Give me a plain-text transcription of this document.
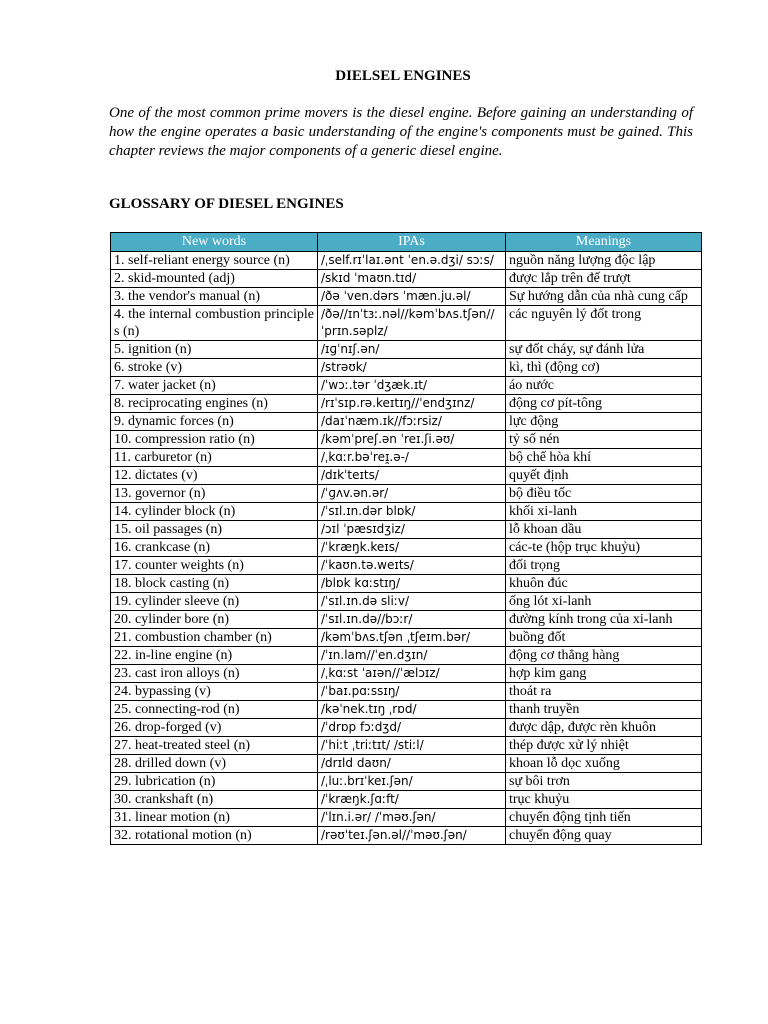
DIELSEL ENGINES

One of the most common prime movers is the diesel engine. Before gaining an understanding of how the engine operates a basic understanding of the engine's components must be gained. This chapter reviews the major components of a generic diesel engine.

GLOSSARY OF DIESEL ENGINES
New words	IPAs	Meanings
1. self-reliant energy source (n)	/ˌself.rɪˈlaɪ.ənt ˈen.ə.dʒi/ sɔːs/	nguồn năng lượng độc lập
2. skid-mounted (adj)	/skɪd ˈmaʊn.tɪd/	được lắp trên đế trượt
3. the vendor's manual (n)	/ðə ˈven.dərs ˈmæn.ju.əl/	Sự hướng dẫn của nhà cung cấp
4. the internal combustion principles (n)	/ðə//ɪnˈtɜː.nəl//kəmˈbʌs.tʃən//ˈprɪn.səplz/	các nguyên lý đốt trong
5. ignition (n)	/ɪɡˈnɪʃ.ən/	sự đốt cháy, sự đánh lửa
6. stroke (v)	/strəʊk/	kì, thì (động cơ)
7. water jacket (n)	/ˈwɔː.tər ˈdʒæk.ɪt/	áo nước
8. reciprocating engines (n)	/rɪˈsɪp.rə.keɪtɪŋ//ˈendʒɪnz/	động cơ pít-tông
9. dynamic forces (n)	/daɪˈnæm.ɪk//fɔːrsiz/	lực động
10. compression ratio (n)	/kəmˈpreʃ.ən ˈreɪ.ʃi.əʊ/	tỷ số nén
11. carburetor (n)	/ˌkɑːr.bəˈreɪ̯.ə-/	bộ chế hòa khí
12. dictates (v)	/dɪkˈteɪts/	quyết định
13. governor (n)	/ˈɡʌv.ən.ər/	bộ điều tốc
14. cylinder block (n)	/ˈsɪl.ɪn.dər blɒk/	khối xi-lanh
15. oil passages (n)	/ɔɪl ˈpæsɪdʒiz/	lỗ khoan dầu
16. crankcase (n)	/ˈkræŋk.keɪs/	các-te (hộp trục khuỷu)
17. counter weights (n)	/ˈkaʊn.tə.weɪts/	đối trọng
18. block casting (n)	/blɒk kɑːstɪŋ/	khuôn đúc
19. cylinder sleeve (n)	/ˈsɪl.ɪn.də sliːv/	ống lót xi-lanh
20. cylinder bore (n)	/ˈsɪl.ɪn.də//bɔːr/	đường kính trong của xi-lanh
21. combustion chamber (n)	/kəmˈbʌs.tʃən ˌtʃeɪm.bər/	buồng đốt
22. in-line engine (n)	/ˈɪn.lam//ˈen.dʒɪn/	động cơ thẳng hàng
23. cast iron alloys (n)	/ˌkɑːst ˈaɪən//ˈælɔɪz/	hợp kim gang
24. bypassing (v)	/ˈbaɪ.pɑːssɪŋ/	thoát ra
25. connecting-rod (n)	/kəˈnek.tɪŋ ˌrɒd/	thanh truyền
26. drop-forged (v)	/ˈdrɒp fɔːdʒd/	được dập, được rèn khuôn
27. heat-treated steel (n)	/ˈhiːt ˌtriːtɪt/ /stiːl/	thép được xử lý nhiệt
28. drilled down (v)	/drɪld daʊn/	khoan lỗ dọc xuống
29. lubrication (n)	/ˌluː.brɪˈkeɪ.ʃən/	sự bôi trơn
30. crankshaft (n)	/ˈkræŋk.ʃɑːft/	trục khuỷu
31. linear motion (n)	/ˈlɪn.i.ər/ /ˈməʊ.ʃən/	chuyển động tịnh tiến
32. rotational motion (n)	/rəʊˈteɪ.ʃən.əl//ˈməʊ.ʃən/	chuyển động quay
